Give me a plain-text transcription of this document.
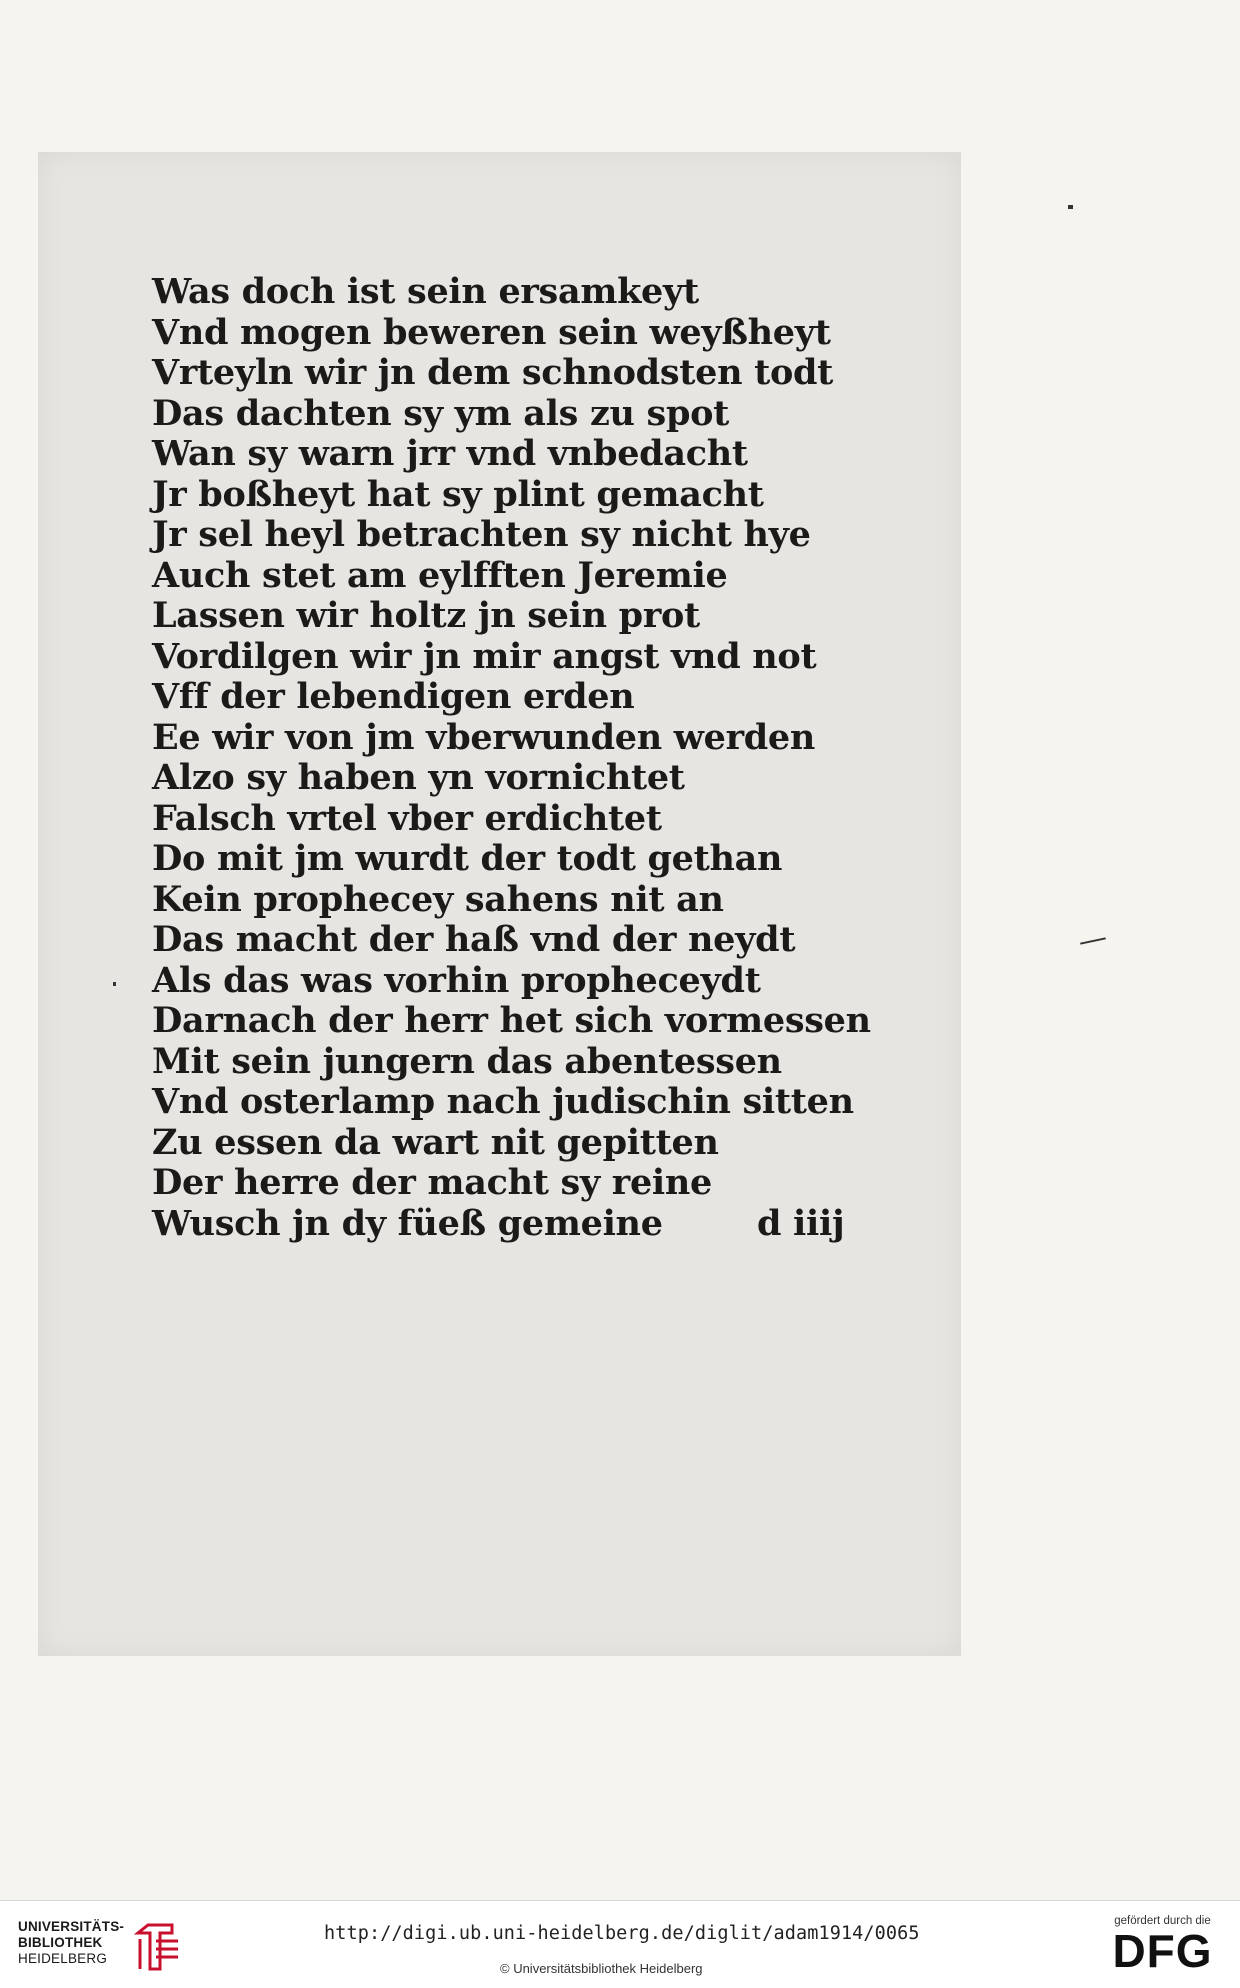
Was doch ist sein ersamkeyt
Vnd mogen beweren sein weyßheyt
Vrteyln wir jn dem schnodsten todt
Das dachten sy ym als zu spot
Wan sy warn jrr vnd vnbedacht
Jr boßheyt hat sy plint gemacht
Jr sel heyl betrachten sy nicht hye
Auch stet am eylfften Jeremie
Lassen wir holtz jn sein prot
Vordilgen wir jn mir angst vnd not
Vff der lebendigen erden
Ee wir von jm vberwunden werden
Alzo sy haben yn vornichtet
Falsch vrtel vber erdichtet
Do mit jm wurdt der todt gethan
Kein prophecey sahens nit an
Das macht der haß vnd der neydt
Als das was vorhin propheceydt
Darnach der herr het sich vormessen
Mit sein jungern das abentessen
Vnd osterlamp nach judischin sitten
Zu essen da wart nit gepitten
Der herre der macht sy reine
Wusch jn dy füeß gemeine	d iiij
UNIVERSITÄTS-
BIBLIOTHEK
HEIDELBERG
http://digi.ub.uni-heidelberg.de/diglit/adam1914/0065
© Universitätsbibliothek Heidelberg
gefördert durch die
DFG
